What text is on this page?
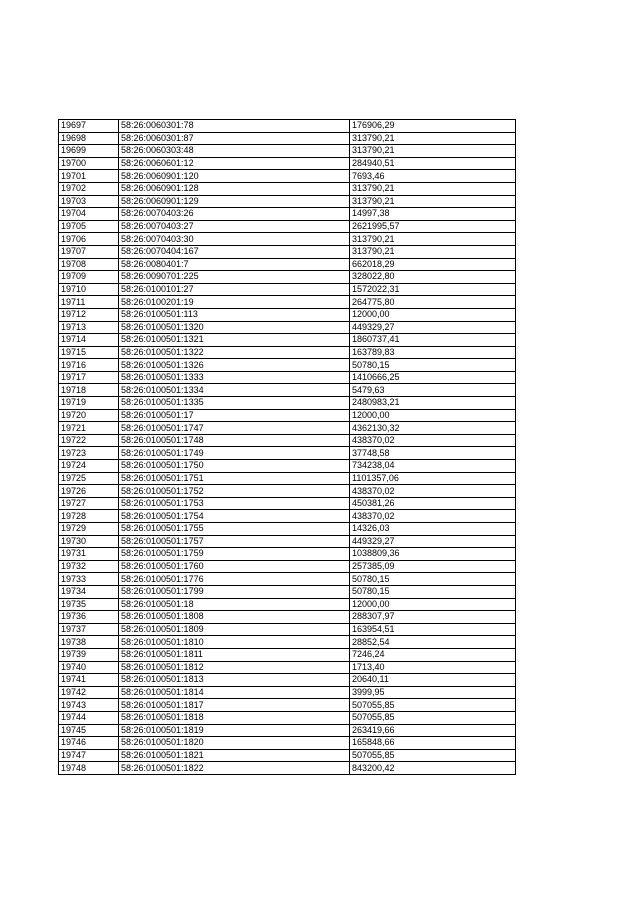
19697	58:26:0060301:78	176906,29
19698	58:26:0060301:87	313790,21
19699	58:26:0060303:48	313790,21
19700	58:26:0060601:12	284940,51
19701	58:26:0060901:120	7693,46
19702	58:26:0060901:128	313790,21
19703	58:26:0060901:129	313790,21
19704	58:26:0070403:26	14997,38
19705	58:26:0070403:27	2621995,57
19706	58:26:0070403:30	313790,21
19707	58:26:0070404:167	313790,21
19708	58:26:0080401:7	662018,29
19709	58:26:0090701:225	328022,80
19710	58:26:0100101:27	1572022,31
19711	58:26:0100201:19	264775,80
19712	58:26:0100501:113	12000,00
19713	58:26:0100501:1320	449329,27
19714	58:26:0100501:1321	1860737,41
19715	58:26:0100501:1322	163789,83
19716	58:26:0100501:1326	50780,15
19717	58:26:0100501:1333	1410666,25
19718	58:26:0100501:1334	5479,63
19719	58:26:0100501:1335	2480983,21
19720	58:26:0100501:17	12000,00
19721	58:26:0100501:1747	4362130,32
19722	58:26:0100501:1748	438370,02
19723	58:26:0100501:1749	37748,58
19724	58:26:0100501:1750	734238,04
19725	58:26:0100501:1751	1101357,06
19726	58:26:0100501:1752	438370,02
19727	58:26:0100501:1753	450381,26
19728	58:26:0100501:1754	438370,02
19729	58:26:0100501:1755	14326,03
19730	58:26:0100501:1757	449329,27
19731	58:26:0100501:1759	1038809,36
19732	58:26:0100501:1760	257385,09
19733	58:26:0100501:1776	50780,15
19734	58:26:0100501:1799	50780,15
19735	58:26:0100501:18	12000,00
19736	58:26:0100501:1808	288307,97
19737	58:26:0100501:1809	163954,51
19738	58:26:0100501:1810	28852,54
19739	58:26:0100501:1811	7246,24
19740	58:26:0100501:1812	1713,40
19741	58:26:0100501:1813	20640,11
19742	58:26:0100501:1814	3999,95
19743	58:26:0100501:1817	507055,85
19744	58:26:0100501:1818	507055,85
19745	58:26:0100501:1819	263419,66
19746	58:26:0100501:1820	165848,66
19747	58:26:0100501:1821	507055,85
19748	58:26:0100501:1822	843200,42
